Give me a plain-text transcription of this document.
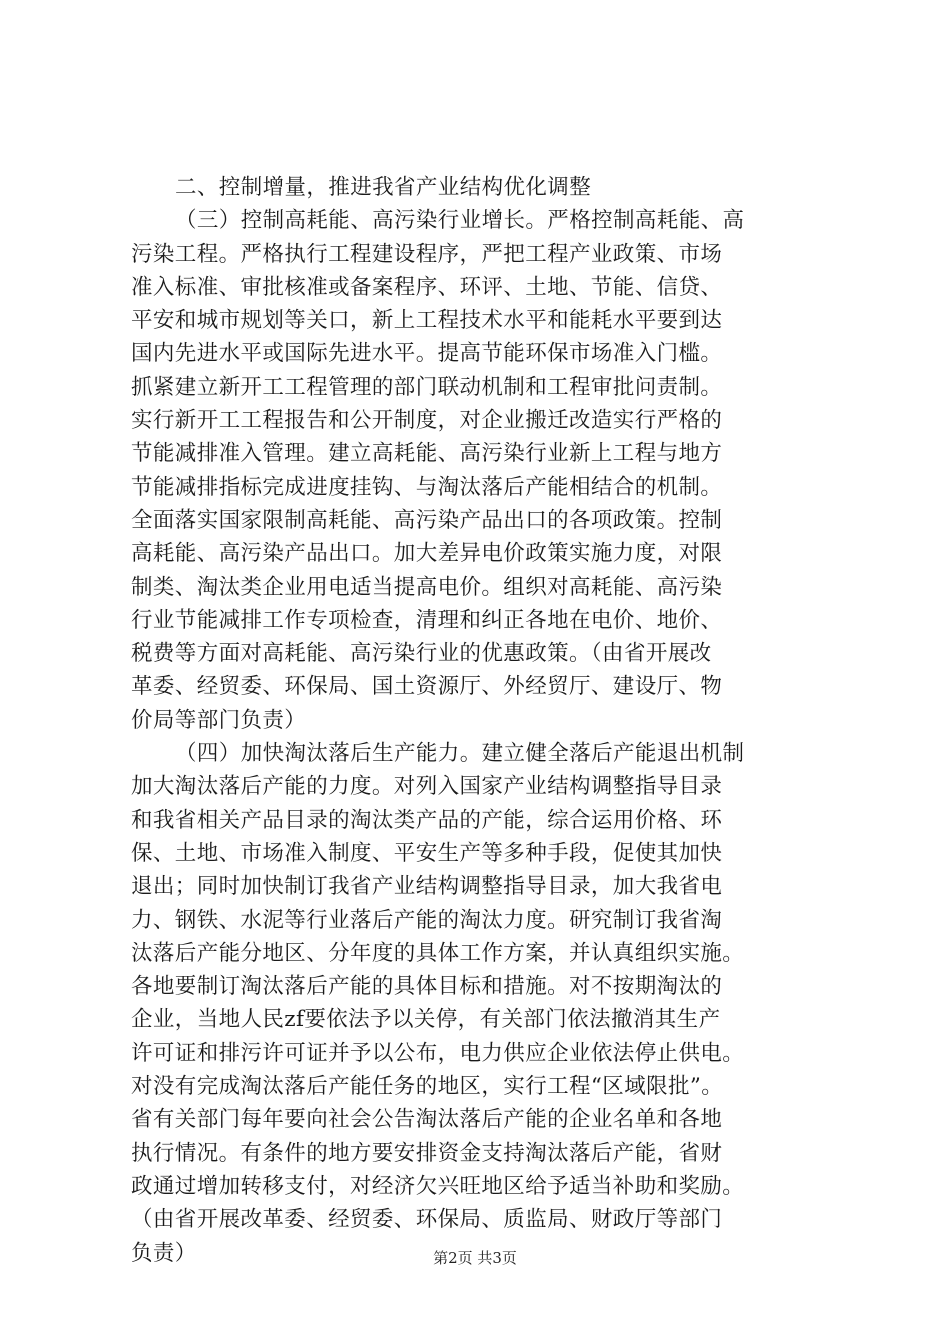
二、控制增量，推进我省产业结构优化调整
（三）控制高耗能、高污染行业增长。严格控制高耗能、高
污染工程。严格执行工程建设程序，严把工程产业政策、市场
准入标准、审批核准或备案程序、环评、土地、节能、信贷、
平安和城市规划等关口，新上工程技术水平和能耗水平要到达
国内先进水平或国际先进水平。提高节能环保市场准入门槛。
抓紧建立新开工工程管理的部门联动机制和工程审批问责制。
实行新开工工程报告和公开制度，对企业搬迁改造实行严格的
节能减排准入管理。建立高耗能、高污染行业新上工程与地方
节能减排指标完成进度挂钩、与淘汰落后产能相结合的机制。
全面落实国家限制高耗能、高污染产品出口的各项政策。控制
高耗能、高污染产品出口。加大差异电价政策实施力度，对限
制类、淘汰类企业用电适当提高电价。组织对高耗能、高污染
行业节能减排工作专项检查，清理和纠正各地在电价、地价、
税费等方面对高耗能、高污染行业的优惠政策。（由省开展改
革委、经贸委、环保局、国土资源厅、外经贸厅、建设厅、物
价局等部门负责）
（四）加快淘汰落后生产能力。建立健全落后产能退出机制
加大淘汰落后产能的力度。对列入国家产业结构调整指导目录
和我省相关产品目录的淘汰类产品的产能，综合运用价格、环
保、土地、市场准入制度、平安生产等多种手段，促使其加快
退出；同时加快制订我省产业结构调整指导目录，加大我省电
力、钢铁、水泥等行业落后产能的淘汰力度。研究制订我省淘
汰落后产能分地区、分年度的具体工作方案，并认真组织实施。
各地要制订淘汰落后产能的具体目标和措施。对不按期淘汰的
企业，当地人民zf要依法予以关停，有关部门依法撤消其生产
许可证和排污许可证并予以公布，电力供应企业依法停止供电。
对没有完成淘汰落后产能任务的地区，实行工程“区域限批”。
省有关部门每年要向社会公告淘汰落后产能的企业名单和各地
执行情况。有条件的地方要安排资金支持淘汰落后产能，省财
政通过增加转移支付，对经济欠兴旺地区给予适当补助和奖励。
（由省开展改革委、经贸委、环保局、质监局、财政厅等部门
负责）	第2页 共3页
